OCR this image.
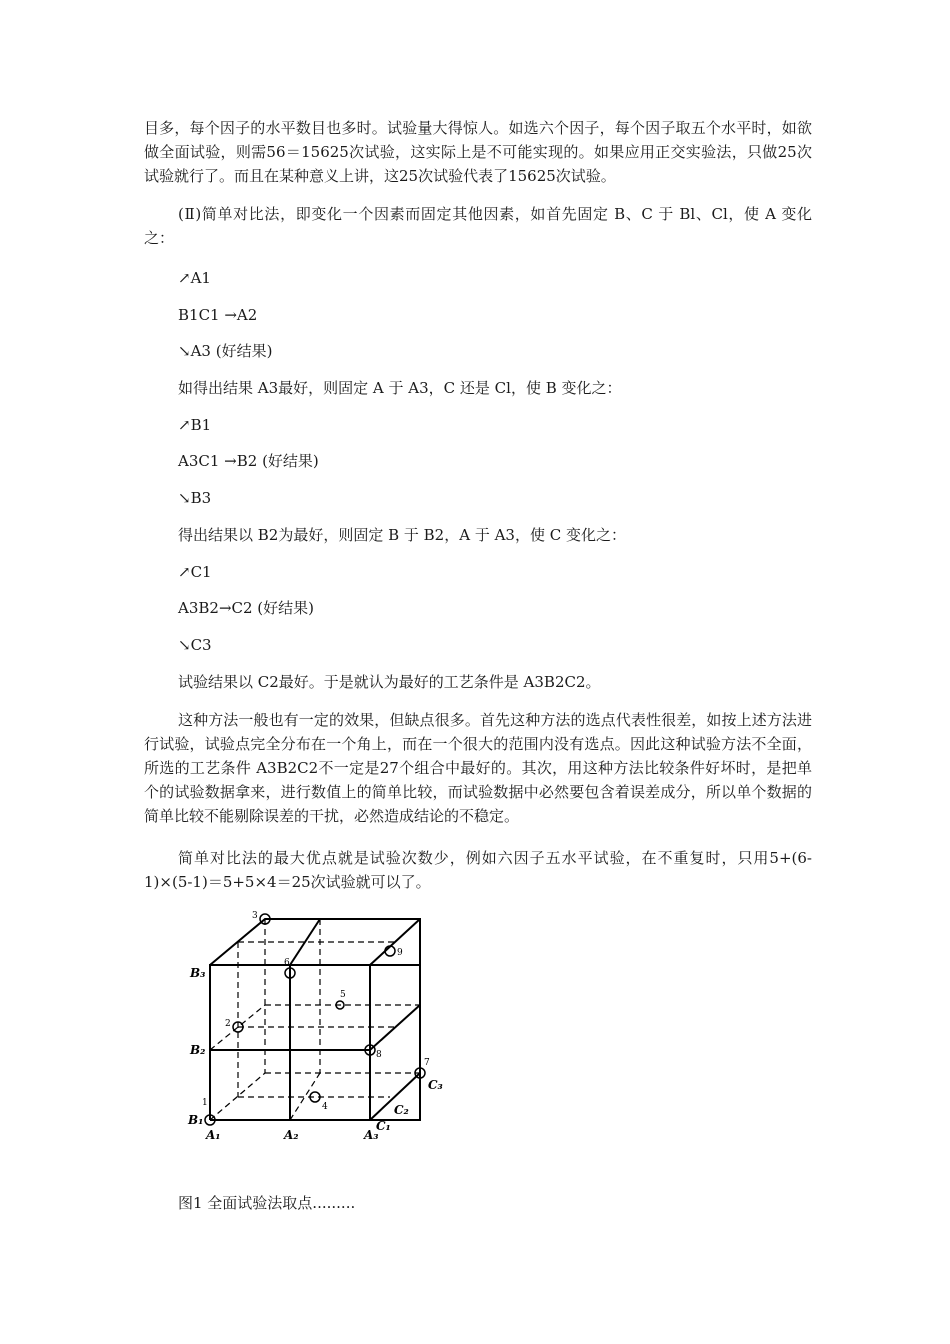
目多，每个因子的水平数目也多时。试验量大得惊人。如选六个因子，每个因子取五个水平时，如欲做全面试验，则需56＝15625次试验，这实际上是不可能实现的。如果应用正交实验法，只做25次试验就行了。而且在某种意义上讲，这25次试验代表了15625次试验。

(Ⅱ)简单对比法，即变化一个因素而固定其他因素，如首先固定 B、C 于 Bl、Cl，使 A 变化之：

↗A1

B1C1 →A2

↘A3 (好结果)

如得出结果 A3最好，则固定 A 于 A3，C 还是 Cl，使 B 变化之：

↗B1

A3C1 →B2 (好结果)

↘B3

得出结果以 B2为最好，则固定 B 于 B2，A 于 A3，使 C 变化之：

↗C1

A3B2→C2 (好结果)

↘C3

试验结果以 C2最好。于是就认为最好的工艺条件是 A3B2C2。

这种方法一般也有一定的效果，但缺点很多。首先这种方法的选点代表性很差，如按上述方法进行试验，试验点完全分布在一个角上，而在一个很大的范围内没有选点。因此这种试验方法不全面，所选的工艺条件 A3B2C2不一定是27个组合中最好的。其次，用这种方法比较条件好坏时，是把单个的试验数据拿来，进行数值上的简单比较，而试验数据中必然要包含着误差成分，所以单个数据的简单比较不能剔除误差的干扰，必然造成结论的不稳定。

简单对比法的最大优点就是试验次数少，例如六因子五水平试验，在不重复时，只用5+(6-1)×(5-1)＝5+5×4＝25次试验就可以了。

1
2
3
4
5
6
7
8
9
A₁	A₂	A₃
B₁
B₂
B₃
C₁
C₂
C₃

图1 全面试验法取点.........
